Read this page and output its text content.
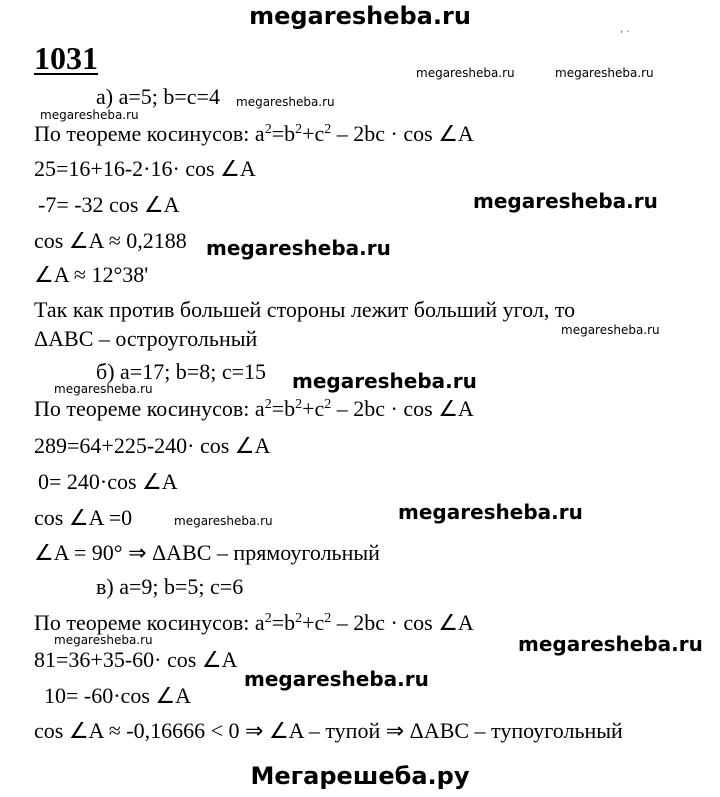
megaresheba.ru	, .
1031	megaresheba.ru	megaresheba.ru
megaresheba.ru
megaresheba.ru
megaresheba.ru
megaresheba.ru
megaresheba.ru
megaresheba.ru
megaresheba.ru
megaresheba.ru
megaresheba.ru
megaresheba.ru
megaresheba.ru
megaresheba.ru
а) a=5; b=c=4
По теореме косинусов: $a^2=b^2+c^2 - 2bc \cdot \cos$ ∠A
25=16+16-2·16· cos ∠A
-7= -32 cos ∠A
cos ∠A ≈ 0,2188
∠A ≈ 12°38'
Так как против большей стороны лежит больший угол, то
ΔABC – остроугольный
б) a=17; b=8; c=15
По теореме косинусов: $a^2=b^2+c^2 - 2bc \cdot \cos$ ∠A
289=64+225-240· cos ∠A
0= 240·cos ∠A
cos ∠A =0
∠A = 90° ⇒ ΔABC – прямоугольный
в) a=9; b=5; c=6
По теореме косинусов: $a^2=b^2+c^2 - 2bc \cdot \cos$ ∠A
81=36+35-60· cos ∠A
10= -60·cos ∠A
cos ∠A ≈ -0,16666 < 0 ⇒ ∠A – тупой ⇒ ΔABC – тупоугольный
Мегарешеба.ру
